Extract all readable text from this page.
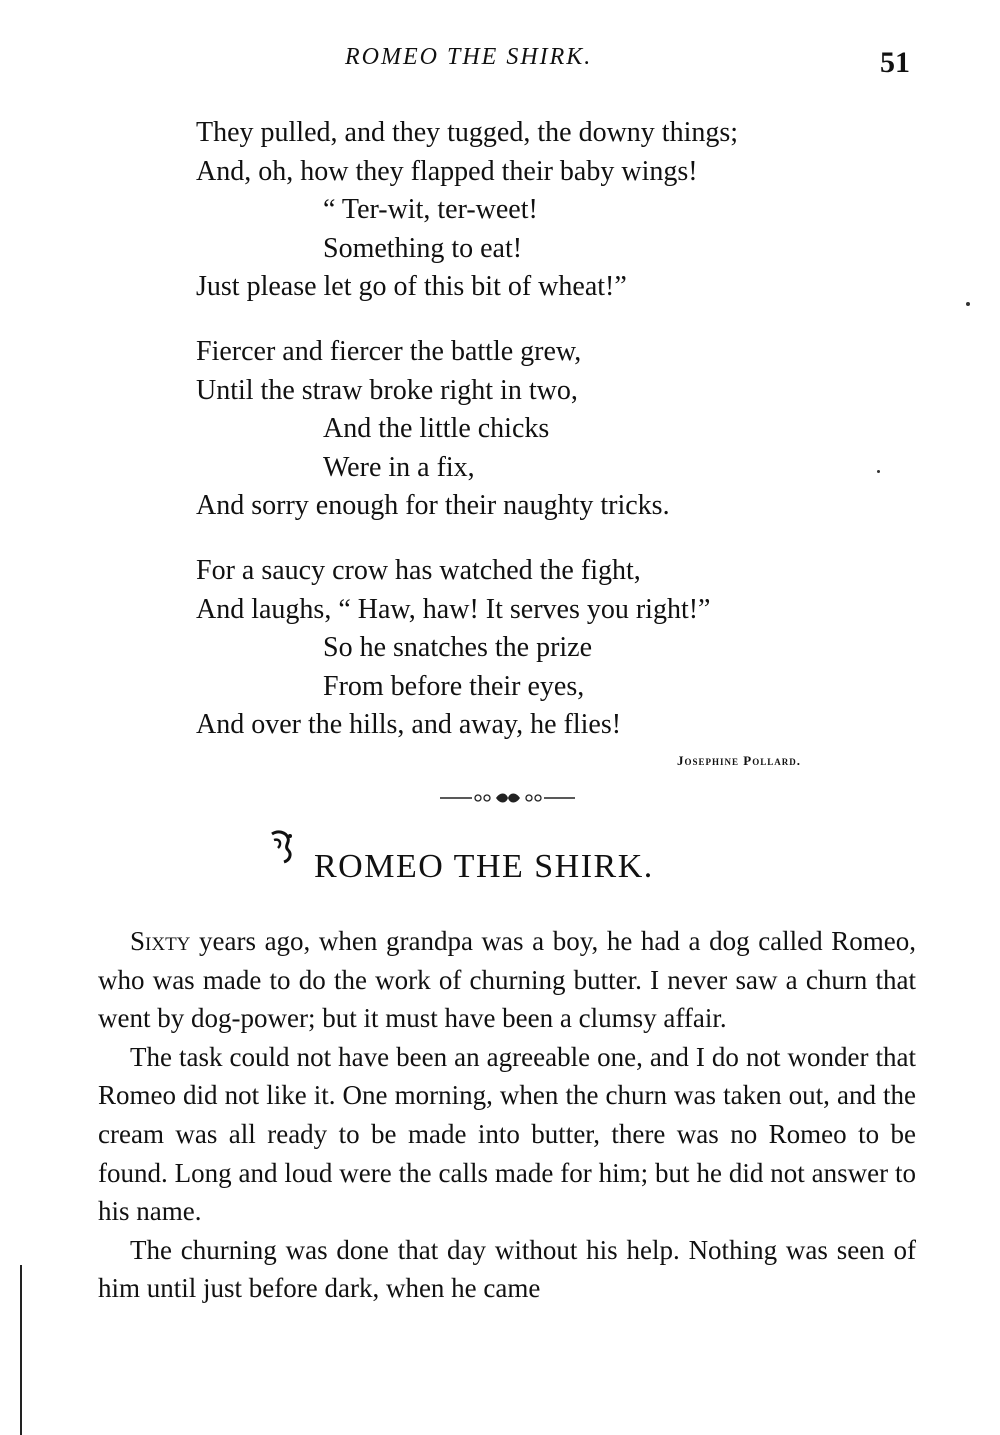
ROMEO THE SHIRK.	51
They pulled, and they tugged, the downy things;
And, oh, how they flapped their baby wings!
“ Ter-wit, ter-weet!
Something to eat!
Just please let go of this bit of wheat!”
Fiercer and fiercer the battle grew,
Until the straw broke right in two,
And the little chicks
Were in a fix,
And sorry enough for their naughty tricks.
For a saucy crow has watched the fight,
And laughs, “ Haw, haw! It serves you right!”
So he snatches the prize
From before their eyes,
And over the hills, and away, he flies!
Josephine Pollard.
ROMEO THE SHIRK.

Sixty years ago, when grandpa was a boy, he had a dog called Romeo, who was made to do the work of churning butter. I never saw a churn that went by dog-power; but it must have been a clumsy affair.

The task could not have been an agreeable one, and I do not wonder that Romeo did not like it. One morning, when the churn was taken out, and the cream was all ready to be made into butter, there was no Romeo to be found. Long and loud were the calls made for him; but he did not answer to his name.

The churning was done that day without his help. Nothing was seen of him until just before dark, when he came
